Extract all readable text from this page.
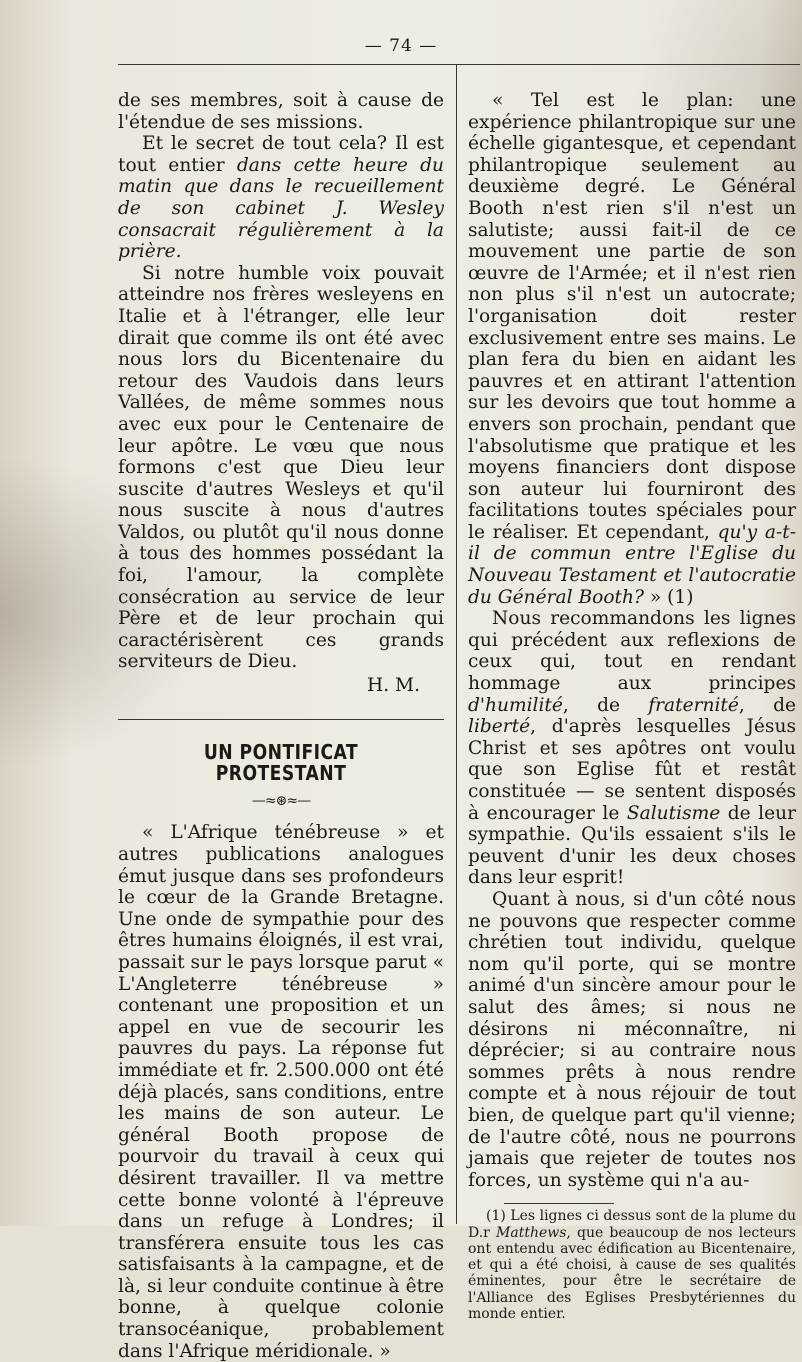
— 74 —

de ses membres, soit à cause de l'étendue de ses missions.

Et le secret de tout cela? Il est tout entier dans cette heure du matin que dans le recueillement de son cabinet J. Wesley consacrait régulièrement à la prière.

Si notre humble voix pouvait atteindre nos frères wesleyens en Italie et à l'étranger, elle leur dirait que comme ils ont été avec nous lors du Bicentenaire du retour des Vaudois dans leurs Vallées, de même sommes nous avec eux pour le Centenaire de leur apôtre. Le vœu que nous formons c'est que Dieu leur suscite d'autres Wesleys et qu'il nous suscite à nous d'autres Valdos, ou plutôt qu'il nous donne à tous des hommes possédant la foi, l'amour, la complète consécration au service de leur Père et de leur prochain qui caractérisèrent ces grands serviteurs de Dieu.

H. M.

UN PONTIFICAT PROTESTANT
—≈⊛≈—

« L'Afrique ténébreuse » et autres publications analogues émut jusque dans ses profondeurs le cœur de la Grande Bretagne. Une onde de sympathie pour des êtres humains éloignés, il est vrai, passait sur le pays lorsque parut « L'Angleterre ténébreuse » contenant une proposition et un appel en vue de secourir les pauvres du pays. La réponse fut immédiate et fr. 2.500.000 ont été déjà placés, sans conditions, entre les mains de son auteur. Le général Booth propose de pourvoir du travail à ceux qui désirent travailler. Il va mettre cette bonne volonté à l'épreuve dans un refuge à Londres; il transférera ensuite tous les cas satisfaisants à la campagne, et de là, si leur conduite continue à être bonne, à quelque colonie transocéanique, probablement dans l'Afrique méridionale. »

« Tel est le plan: une expérience philantropique sur une échelle gigantesque, et cependant philantropique seulement au deuxième degré. Le Général Booth n'est rien s'il n'est un salutiste; aussi fait-il de ce mouvement une partie de son œuvre de l'Armée; et il n'est rien non plus s'il n'est un autocrate; l'organisation doit rester exclusivement entre ses mains. Le plan fera du bien en aidant les pauvres et en attirant l'attention sur les devoirs que tout homme a envers son prochain, pendant que l'absolutisme que pratique et les moyens financiers dont dispose son auteur lui fourniront des facilitations toutes spéciales pour le réaliser. Et cependant, qu'y a-t-il de commun entre l'Eglise du Nouveau Testament et l'autocratie du Général Booth? » (1)

Nous recommandons les lignes qui précédent aux reflexions de ceux qui, tout en rendant hommage aux principes d'humilité, de fraternité, de liberté, d'après lesquelles Jésus Christ et ses apôtres ont voulu que son Eglise fût et restât constituée — se sentent disposés à encourager le Salutisme de leur sympathie. Qu'ils essaient s'ils le peuvent d'unir les deux choses dans leur esprit!

Quant à nous, si d'un côté nous ne pouvons que respecter comme chrétien tout individu, quelque nom qu'il porte, qui se montre animé d'un sincère amour pour le salut des âmes; si nous ne désirons ni méconnaître, ni déprécier; si au contraire nous sommes prêts à nous rendre compte et à nous réjouir de tout bien, de quelque part qu'il vienne; de l'autre côté, nous ne pourrons jamais que rejeter de toutes nos forces, un système qui n'a au-

(1) Les lignes ci dessus sont de la plume du D.r Matthews, que beaucoup de nos lecteurs ont entendu avec édification au Bicentenaire, et qui a été choisi, à cause de ses qualités éminentes, pour être le secrétaire de l'Alliance des Eglises Presbytériennes du monde entier.
